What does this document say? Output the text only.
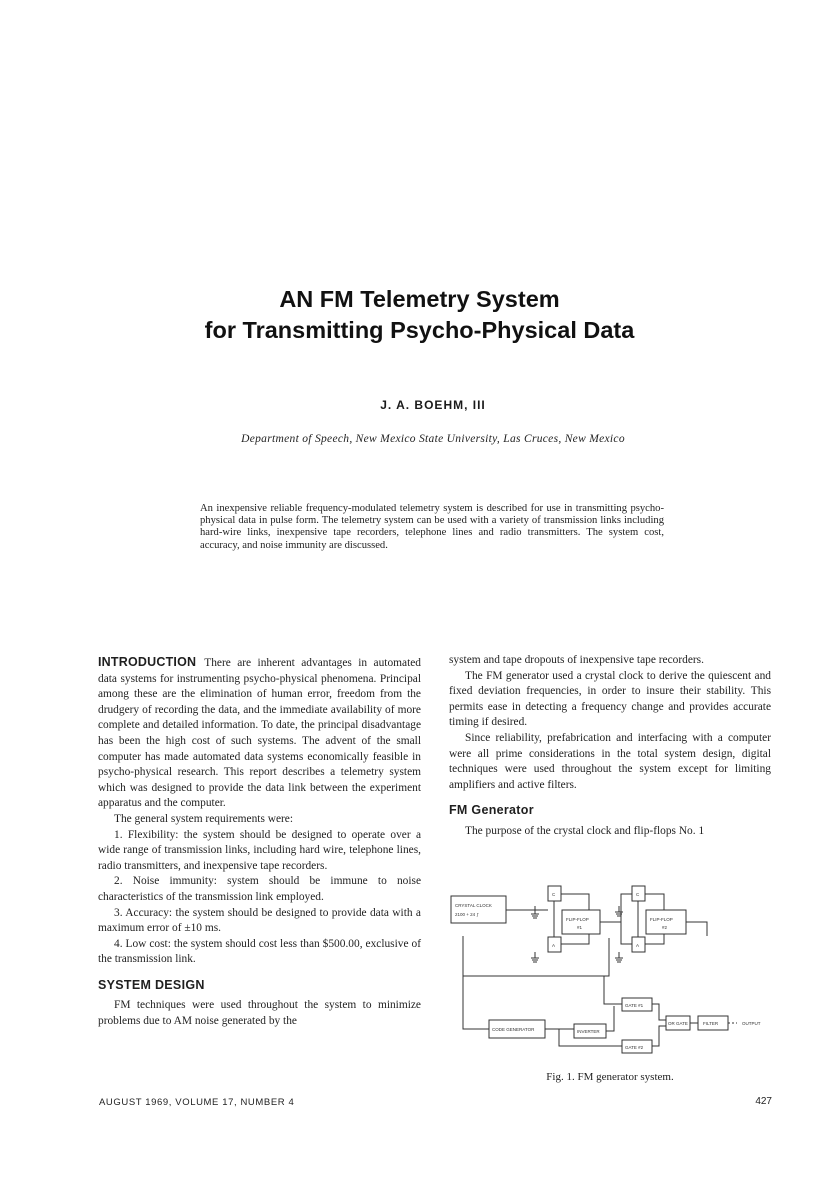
AN FM Telemetry System
for Transmitting Psycho-Physical Data
J. A. BOEHM, III
Department of Speech, New Mexico State University, Las Cruces, New Mexico
An inexpensive reliable frequency-modulated telemetry system is described for use in transmitting psycho-physical data in pulse form. The telemetry system can be used with a variety of transmission links including hard-wire links, inexpensive tape recorders, telephone lines and radio transmitters. The system cost, accuracy, and noise immunity are discussed.

INTRODUCTION There are inherent advantages in automated data systems for instrumenting psycho-physical phenomena. Principal among these are the elimination of human error, freedom from the drudgery of recording the data, and the immediate availability of more complete and detailed information. To date, the principal disadvantage has been the high cost of such systems. The advent of the small computer has made automated data systems economically feasible in psycho-physical research. This report describes a telemetry system which was designed to provide the data link between the experiment apparatus and the computer.

The general system requirements were:

1. Flexibility: the system should be designed to operate over a wide range of transmission links, including hard wire, telephone lines, radio transmitters, and inexpensive tape recorders.

2. Noise immunity: system should be immune to noise characteristics of the transmission link employed.

3. Accuracy: the system should be designed to provide data with a maximum error of ±10 ms.

4. Low cost: the system should cost less than $500.00, exclusive of the transmission link.

SYSTEM DESIGN

FM techniques were used throughout the system to minimize problems due to AM noise generated by the

system and tape dropouts of inexpensive tape recorders.

The FM generator used a crystal clock to derive the quiescent and fixed deviation frequencies, in order to insure their stability. This permits ease in detecting a frequency change and provides accurate timing if desired.

Since reliability, prefabrication and interfacing with a computer were all prime considerations in the total system design, digital techniques were used throughout the system except for limiting amplifiers and active filters.

FM Generator

The purpose of the crystal clock and flip-flops No. 1

CRYSTAL CLOCK
2100 + 24 ƒ
C
A
FLIP-FLOP
#1
C
A
FLIP-FLOP
#2
GATE #1
CODE GENERATOR	INVERTER
GATE #2
OR GATE	FILTER	OUTPUT
Fig. 1. FM generator system.
AUGUST 1969, VOLUME 17, NUMBER 4	427
